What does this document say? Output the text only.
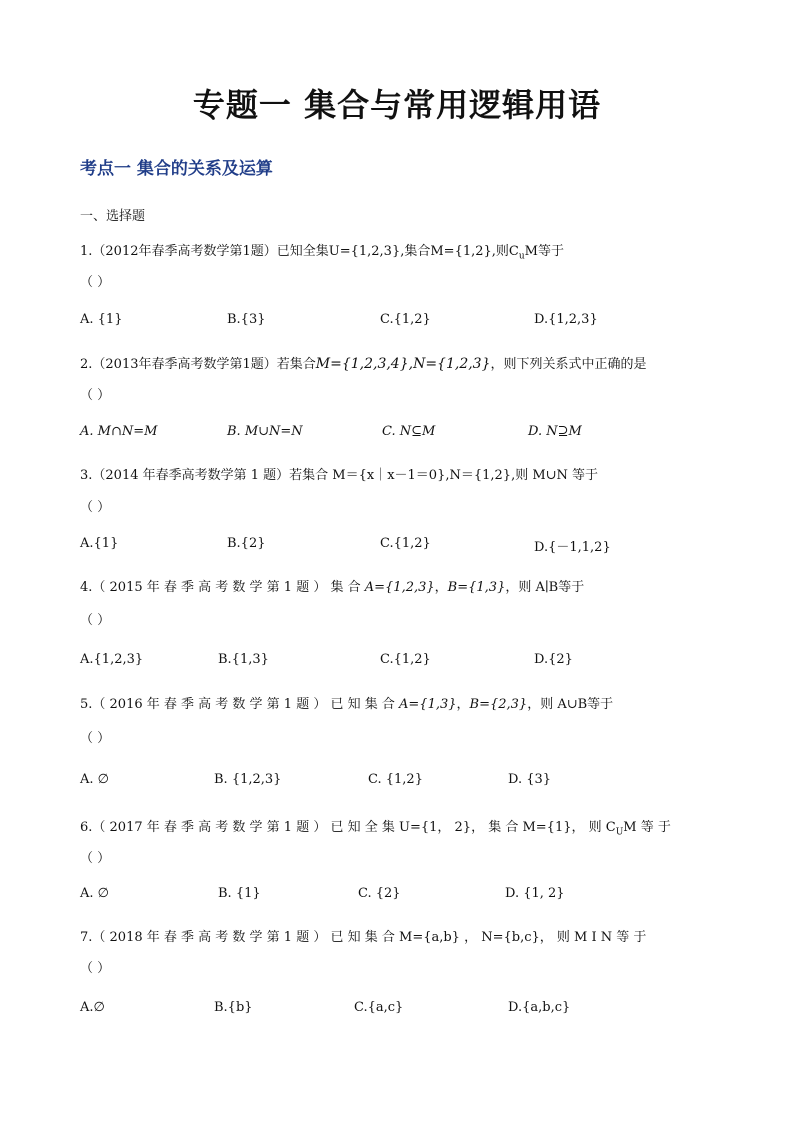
专题一 集合与常用逻辑用语
考点一 集合的关系及运算
一、选择题
1.（2012年春季高考数学第1题）已知全集U={1,2,3},集合M={1,2},则$C_uM$等于
（ ）
A. {1}	B.{3}	C.{1,2}	D.{1,2,3}
2.（2013年春季高考数学第1题）若集合M={1,2,3,4},N={1,2,3}，则下列关系式中正确的是
（ ）
A. M∩N=M	B. M∪N=N	C. N⊆M	D. N⊇M
3.（2014 年春季高考数学第 1 题）若集合 M＝{x｜x－1＝0},N＝{1,2},则 M∪N 等于
（ ）
A.{1}	B.{2}	C.{1,2}	D.{－1,1,2}
4.（ 2015 年 春 季 高 考 数 学 第 1 题 ） 集 合 A={1,2,3}，B={1,3}，则 A∣B等于
（ ）
A.{1,2,3}	B.{1,3}	C.{1,2}	D.{2}
5.（ 2016 年 春 季 高 考 数 学 第 1 题 ） 已 知 集 合 A={1,3}，B={2,3}，则 A∪B等于
（ ）
A. ∅	B. {1,2,3}	C. {1,2}	D. {3}
6.（ 2017 年 春 季 高 考 数 学 第 1 题 ） 已 知 全 集 U={1， 2}， 集 合 M={1}， 则 $C_UM$ 等 于
（ ）
A. ∅	B. {1}	C. {2}	D. {1, 2}
7.（ 2018 年 春 季 高 考 数 学 第 1 题 ） 已 知 集 合 M={a,b} ， N={b,c}， 则 M I N 等 于
（ ）
A.∅	B.{b}	C.{a,c}	D.{a,b,c}
